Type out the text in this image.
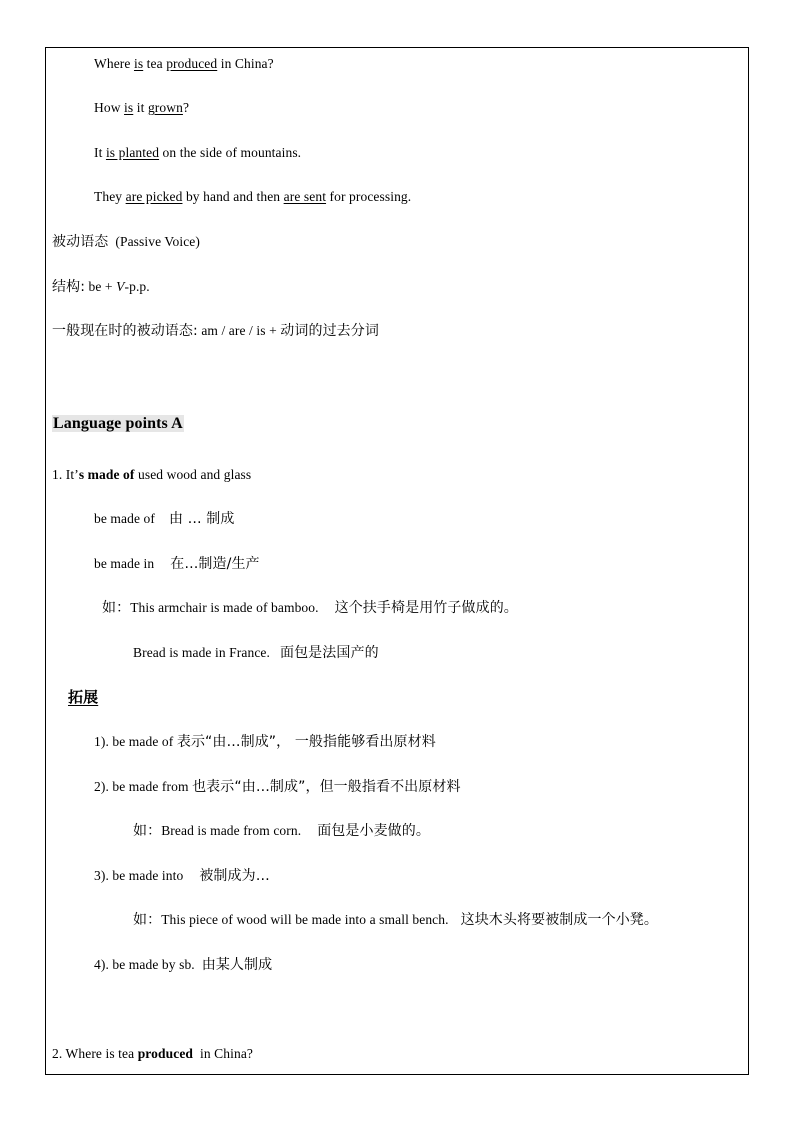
Where is tea produced in China?
How is it grown?
It is planted on the side of mountains.
They are picked by hand and then are sent for processing.
被动语态 (Passive Voice)
结构: be + V-p.p.
一般现在时的被动语态: am / are / is + 动词的过去分词
Language points A
1. It’s made of used wood and glass
be made of 由 … 制成
be made in 在…制造/生产
如：This armchair is made of bamboo. 这个扶手椅是用竹子做成的。
Bread is made in France. 面包是法国产的
拓展
1). be made of 表示“由…制成”， 一般指能够看出原材料
2). be made from 也表示“由…制成”，但一般指看不出原材料
如：Bread is made from corn. 面包是小麦做的。
3). be made into 被制成为…
如：This piece of wood will be made into a small bench. 这块木头将要被制成一个小凳。
4). be made by sb. 由某人制成
2. Where is tea produced in China?
